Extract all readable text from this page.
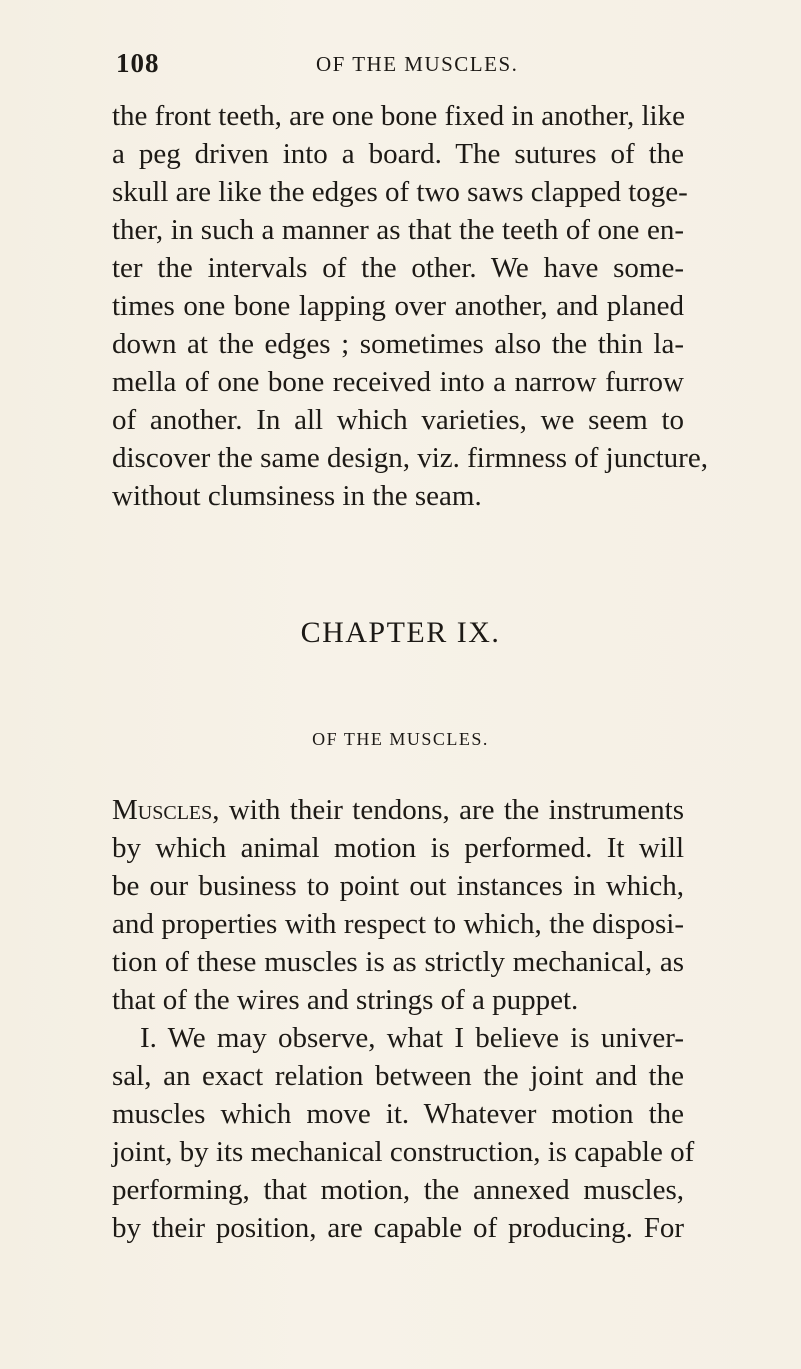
108	OF THE MUSCLES.
the front teeth, are one bone fixed in another, like
a peg driven into a board. The sutures of the
skull are like the edges of two saws clapped toge-
ther, in such a manner as that the teeth of one en-
ter the intervals of the other. We have some-
times one bone lapping over another, and planed
down at the edges ; sometimes also the thin la-
mella of one bone received into a narrow furrow
of another. In all which varieties, we seem to
discover the same design, viz. firmness of juncture,
without clumsiness in the seam.
CHAPTER IX.
OF THE MUSCLES.
Muscles, with their tendons, are the instruments
by which animal motion is performed. It will
be our business to point out instances in which,
and properties with respect to which, the disposi-
tion of these muscles is as strictly mechanical, as
that of the wires and strings of a puppet.
I. We may observe, what I believe is univer-
sal, an exact relation between the joint and the
muscles which move it. Whatever motion the
joint, by its mechanical construction, is capable of
performing, that motion, the annexed muscles,
by their position, are capable of producing. For
